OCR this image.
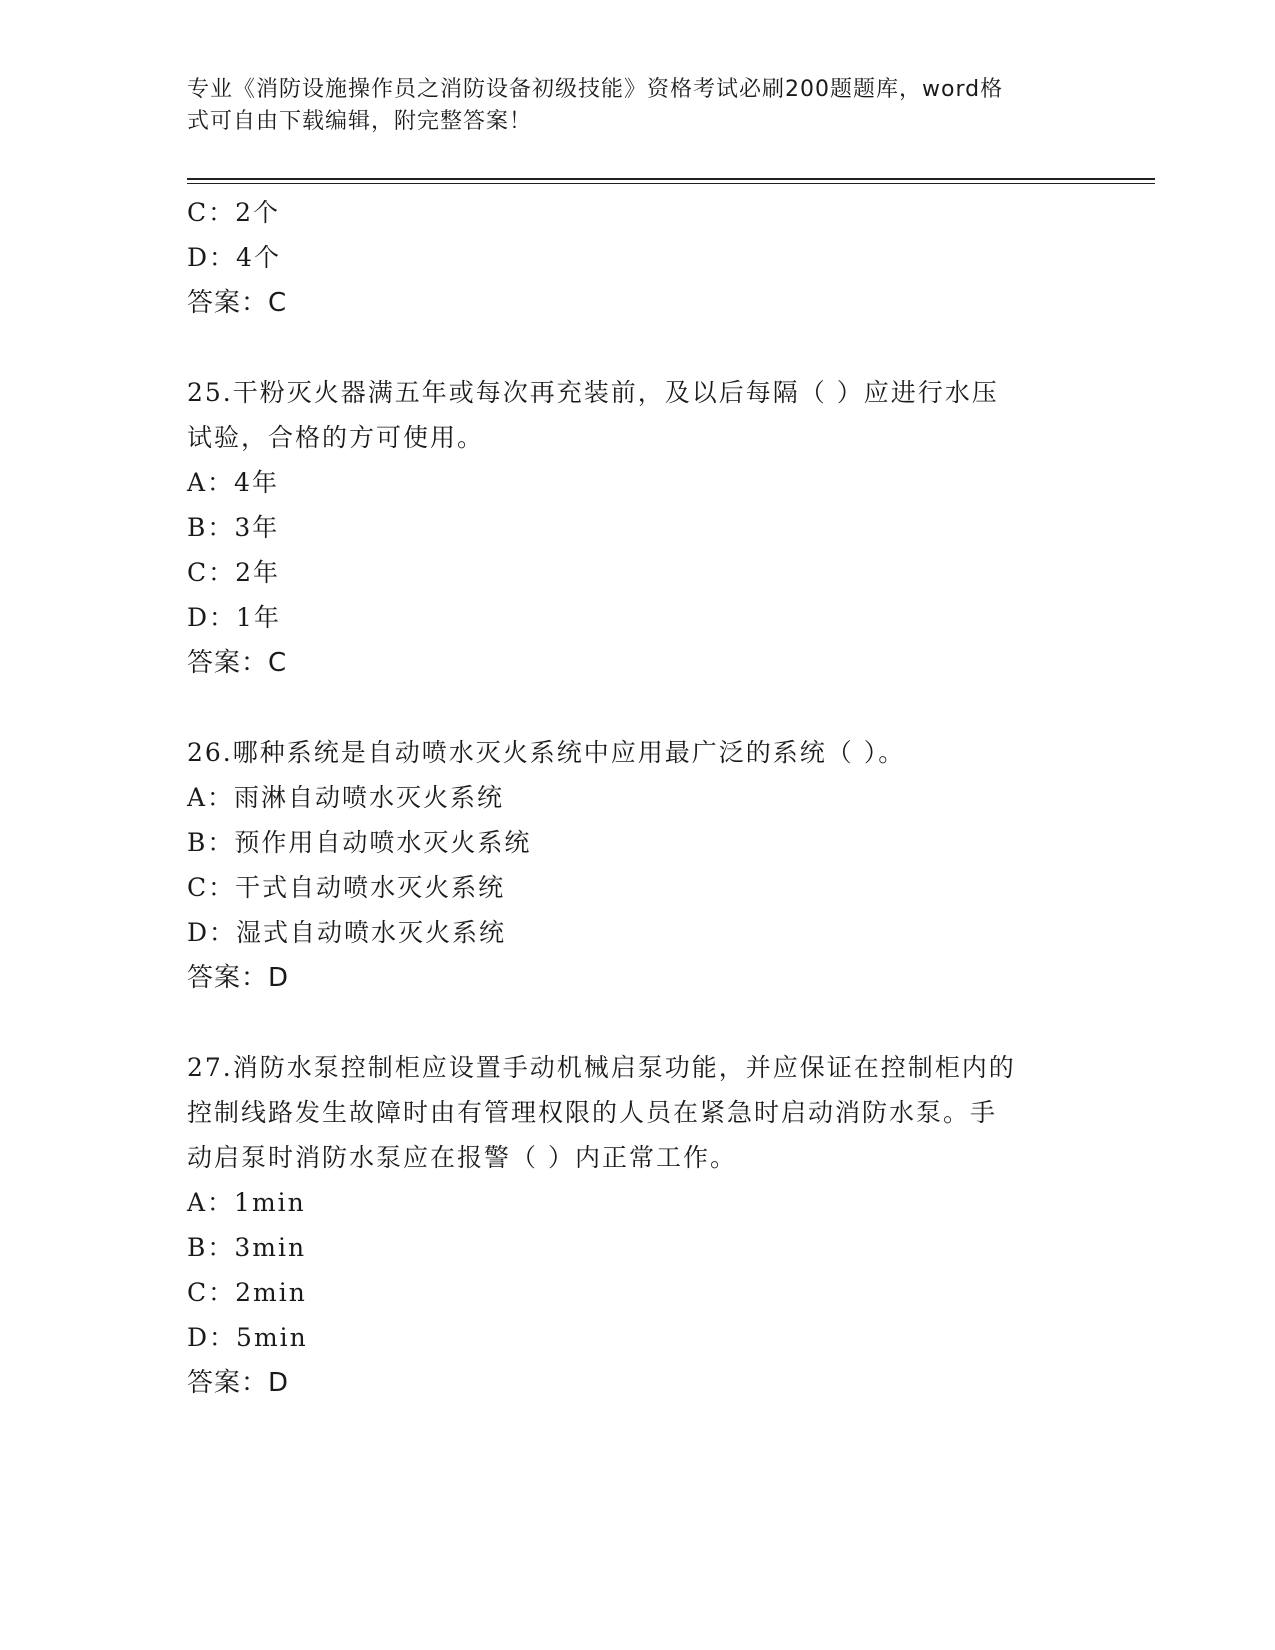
专业《消防设施操作员之消防设备初级技能》资格考试必刷200题题库，word格
式可自由下载编辑，附完整答案！
C：2个
D：4个
答案：C
25.干粉灭火器满五年或每次再充装前，及以后每隔（ ）应进行水压
试验，合格的方可使用。
A：4年
B：3年
C：2年
D：1年
答案：C
26.哪种系统是自动喷水灭火系统中应用最广泛的系统（ ）。
A：雨淋自动喷水灭火系统
B：预作用自动喷水灭火系统
C：干式自动喷水灭火系统
D：湿式自动喷水灭火系统
答案：D
27.消防水泵控制柜应设置手动机械启泵功能，并应保证在控制柜内的
控制线路发生故障时由有管理权限的人员在紧急时启动消防水泵。手
动启泵时消防水泵应在报警（ ）内正常工作。
A：1min
B：3min
C：2min
D：5min
答案：D
